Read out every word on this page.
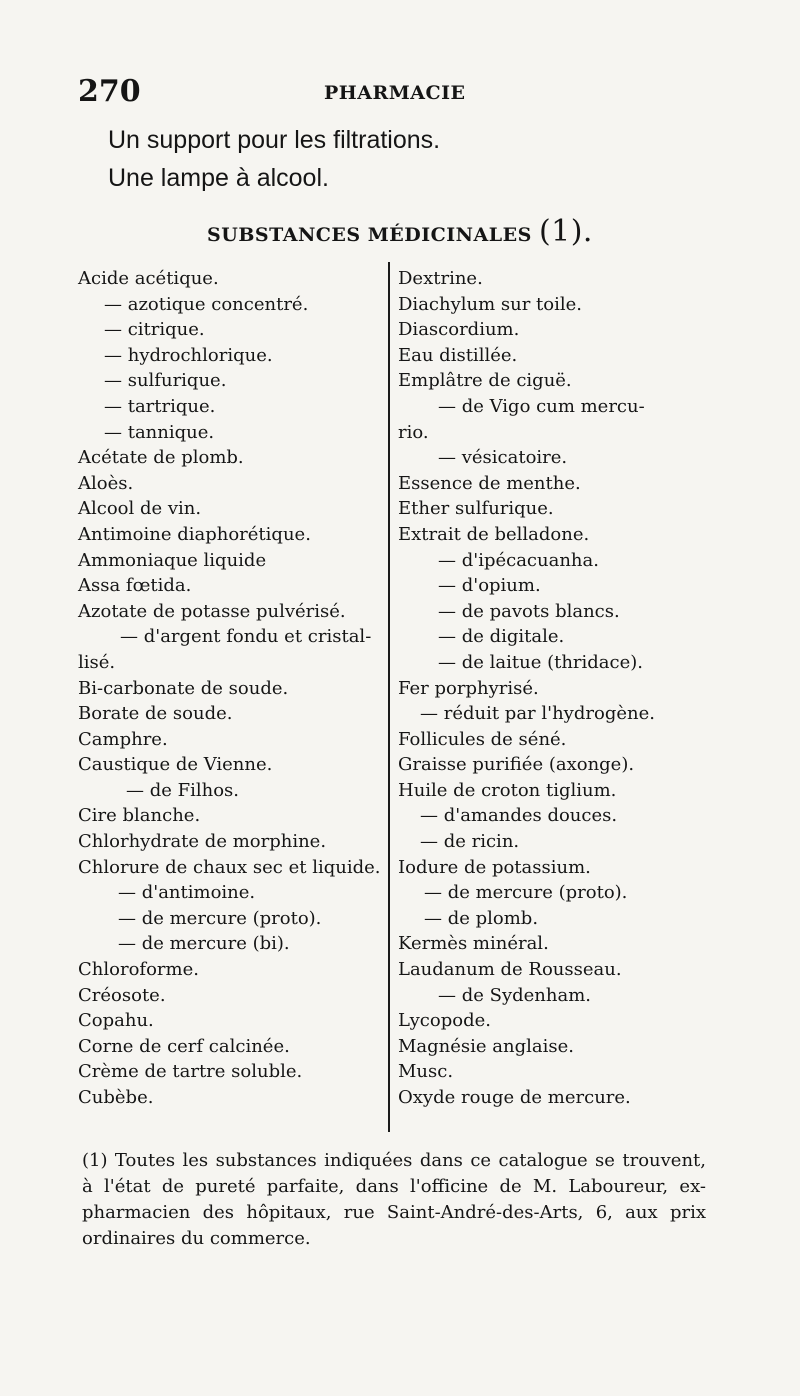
270	PHARMACIE
Un support pour les filtrations.
Une lampe à alcool.
SUBSTANCES MÉDICINALES (1).
Acide acétique.
— azotique concentré.
— citrique.
— hydrochlorique.
— sulfurique.
— tartrique.
— tannique.
Acétate de plomb.
Aloès.
Alcool de vin.
Antimoine diaphorétique.
Ammoniaque liquide
Assa fœtida.
Azotate de potasse pulvérisé.
— d'argent fondu et cristal-
lisé.
Bi-carbonate de soude.
Borate de soude.
Camphre.
Caustique de Vienne.
— de Filhos.
Cire blanche.
Chlorhydrate de morphine.
Chlorure de chaux sec et liquide.
— d'antimoine.
— de mercure (proto).
— de mercure (bi).
Chloroforme.
Créosote.
Copahu.
Corne de cerf calcinée.
Crème de tartre soluble.
Cubèbe.
Dextrine.
Diachylum sur toile.
Diascordium.
Eau distillée.
Emplâtre de ciguë.
— de Vigo cum mercu-
rio.
— vésicatoire.
Essence de menthe.
Ether sulfurique.
Extrait de belladone.
— d'ipécacuanha.
— d'opium.
— de pavots blancs.
— de digitale.
— de laitue (thridace).
Fer porphyrisé.
— réduit par l'hydrogène.
Follicules de séné.
Graisse purifiée (axonge).
Huile de croton tiglium.
— d'amandes douces.
— de ricin.
Iodure de potassium.
— de mercure (proto).
— de plomb.
Kermès minéral.
Laudanum de Rousseau.
— de Sydenham.
Lycopode.
Magnésie anglaise.
Musc.
Oxyde rouge de mercure.
(1) Toutes les substances indiquées dans ce catalogue se trouvent, à l'état de pureté parfaite, dans l'officine de M. Laboureur, ex-pharmacien des hôpitaux, rue Saint-André-des-Arts, 6, aux prix ordinaires du commerce.
